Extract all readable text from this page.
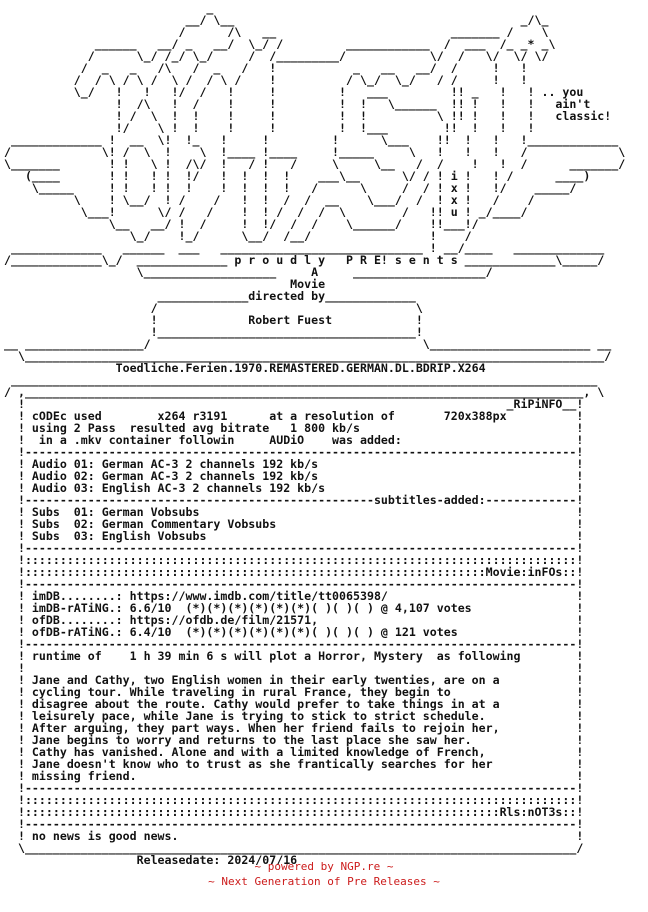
_
__/ \__                                         _/\_
/      /\   __                         _______ /    \
______   __/ _   __/  \_/ /         ____________  /  ___  /_ _* _\
/      \_/ /_/ \_/     /  /_________/            \/  /   \/  \/ \/
/  _   _   /\   /  _   /   !           _   __   __/  /     !   !
/  / \ / \ /  \ /  / \ /    !          / \_/  \_/   / /     !   !
\_/   !   !   !/  /   !     !         !   ___         !! _   !   ! .. you
!  /\   !  /    !     !         !  !   \______  !! !   !   !   ain't
! /  \  !  !    !     !         !  !          \ !! !   !   !   classic!
!/    \ !  !    !     !         !  !___        !!  !   !   !
_____________ !  __  \!  !_   !     !         !      \___    !!  !   !   !_____________
/             \! /  \  !    \  !____ !____     !_____     \   !   !   !   /             \
\_______       ! !   \ !  /\/  !   / !   /     \     \__   /  /    !   !  /      _______/
(____       ! !   ! !  !/   !  !  !  !    ___\__      \/ / ! i !   ! /      ____)
\_____     ! !   ! !  !    !  !  !  !   /      \     /  / ! x !   !/    _____/
\    ! \__/  ! /    /   !  !  /  /  __    \___/  /  ! x !   /    /
\___!      \/ /   /    !  ! /  /  /  \        /   !! u ! _/____/
\__   __/ !  /     !  !/  /  /    \______/    !!___!/
\_/    !_/      \__/  /__/                 !    /
_____________   ______  ___   _____________________________ ! __/____   _____________
/_____________\_/  _____________ p r o u d l y   P R E! s e n t s _____________\_____/
\___________________     A     ___________________/
Movie
_____________directed by_____________
/                                     \
!             Robert Fuest            !
!_____________________________________!
__ _________________/                                       \_______________________ __
\___________________________________________________________________________________/
Toedliche.Ferien.1970.REMASTERED.GERMAN.DL.BDRIP.X264
____________________________________________________________________________________
/ ,________________________________________________________________________________, \
!                                                                     _RiPiNFO__!
! cODEc used        x264 r3191      at a resolution of       720x388px          !
! using 2 Pass  resulted avg bitrate   1 800 kb/s                               !
!  in a .mkv container followin     AUDiO    was added:                         !
!-------------------------------------------------------------------------------!
! Audio 01: German AC-3 2 channels 192 kb/s                                     !
! Audio 02: German AC-3 2 channels 192 kb/s                                     !
! Audio 03: English AC-3 2 channels 192 kb/s                                    !
!--------------------------------------------------subtitles-added:-------------!
! Subs  01: German Vobsubs                                                      !
! Subs  02: German Commentary Vobsubs                                           !
! Subs  03: English Vobsubs                                                     !
!-------------------------------------------------------------------------------!
!:::::::::::::::::::::::::::::::::::::::::::::::::::::::::::::::::::::::::::::::!
!::::::::::::::::::::::::::::::::::::::::::::::::::::::::::::::::::Movie:inFOs::!
!-------------------------------------------------------------------------------!
! imDB........: https://www.imdb.com/title/tt0065398/                           !
! imDB-rATiNG.: 6.6/10  (*)(*)(*)(*)(*)(*)( )( )( ) @ 4,107 votes               !
! ofDB........: https://ofdb.de/film/21571,                                     !
! ofDB-rATiNG.: 6.4/10  (*)(*)(*)(*)(*)(*)( )( )( ) @ 121 votes                 !
!-------------------------------------------------------------------------------!
! runtime of    1 h 39 min 6 s will plot a Horror, Mystery  as following        !
!                                                                               !
! Jane and Cathy, two English women in their early twenties, are on a           !
! cycling tour. While traveling in rural France, they begin to                  !
! disagree about the route. Cathy would prefer to take things in at a           !
! leisurely pace, while Jane is trying to stick to strict schedule.             !
! After arguing, they part ways. When her friend fails to rejoin her,           !
! Jane begins to worry and returns to the last place she saw her.               !
! Cathy has vanished. Alone and with a limited knowledge of French,             !
! Jane doesn't know who to trust as she frantically searches for her            !
! missing friend.                                                               !
!-------------------------------------------------------------------------------!
!:::::::::::::::::::::::::::::::::::::::::::::::::::::::::::::::::::::::::::::::!
!::::::::::::::::::::::::::::::::::::::::::::::::::::::::::::::::::::Rls:nOT3s::!
!-------------------------------------------------------------------------------!
! no news is good news.                                                         !
\_______________________________________________________________________________/
Releasedate: 2024/07/16
~ powered by NGP.re ~
~ Next Generation of Pre Releases ~
